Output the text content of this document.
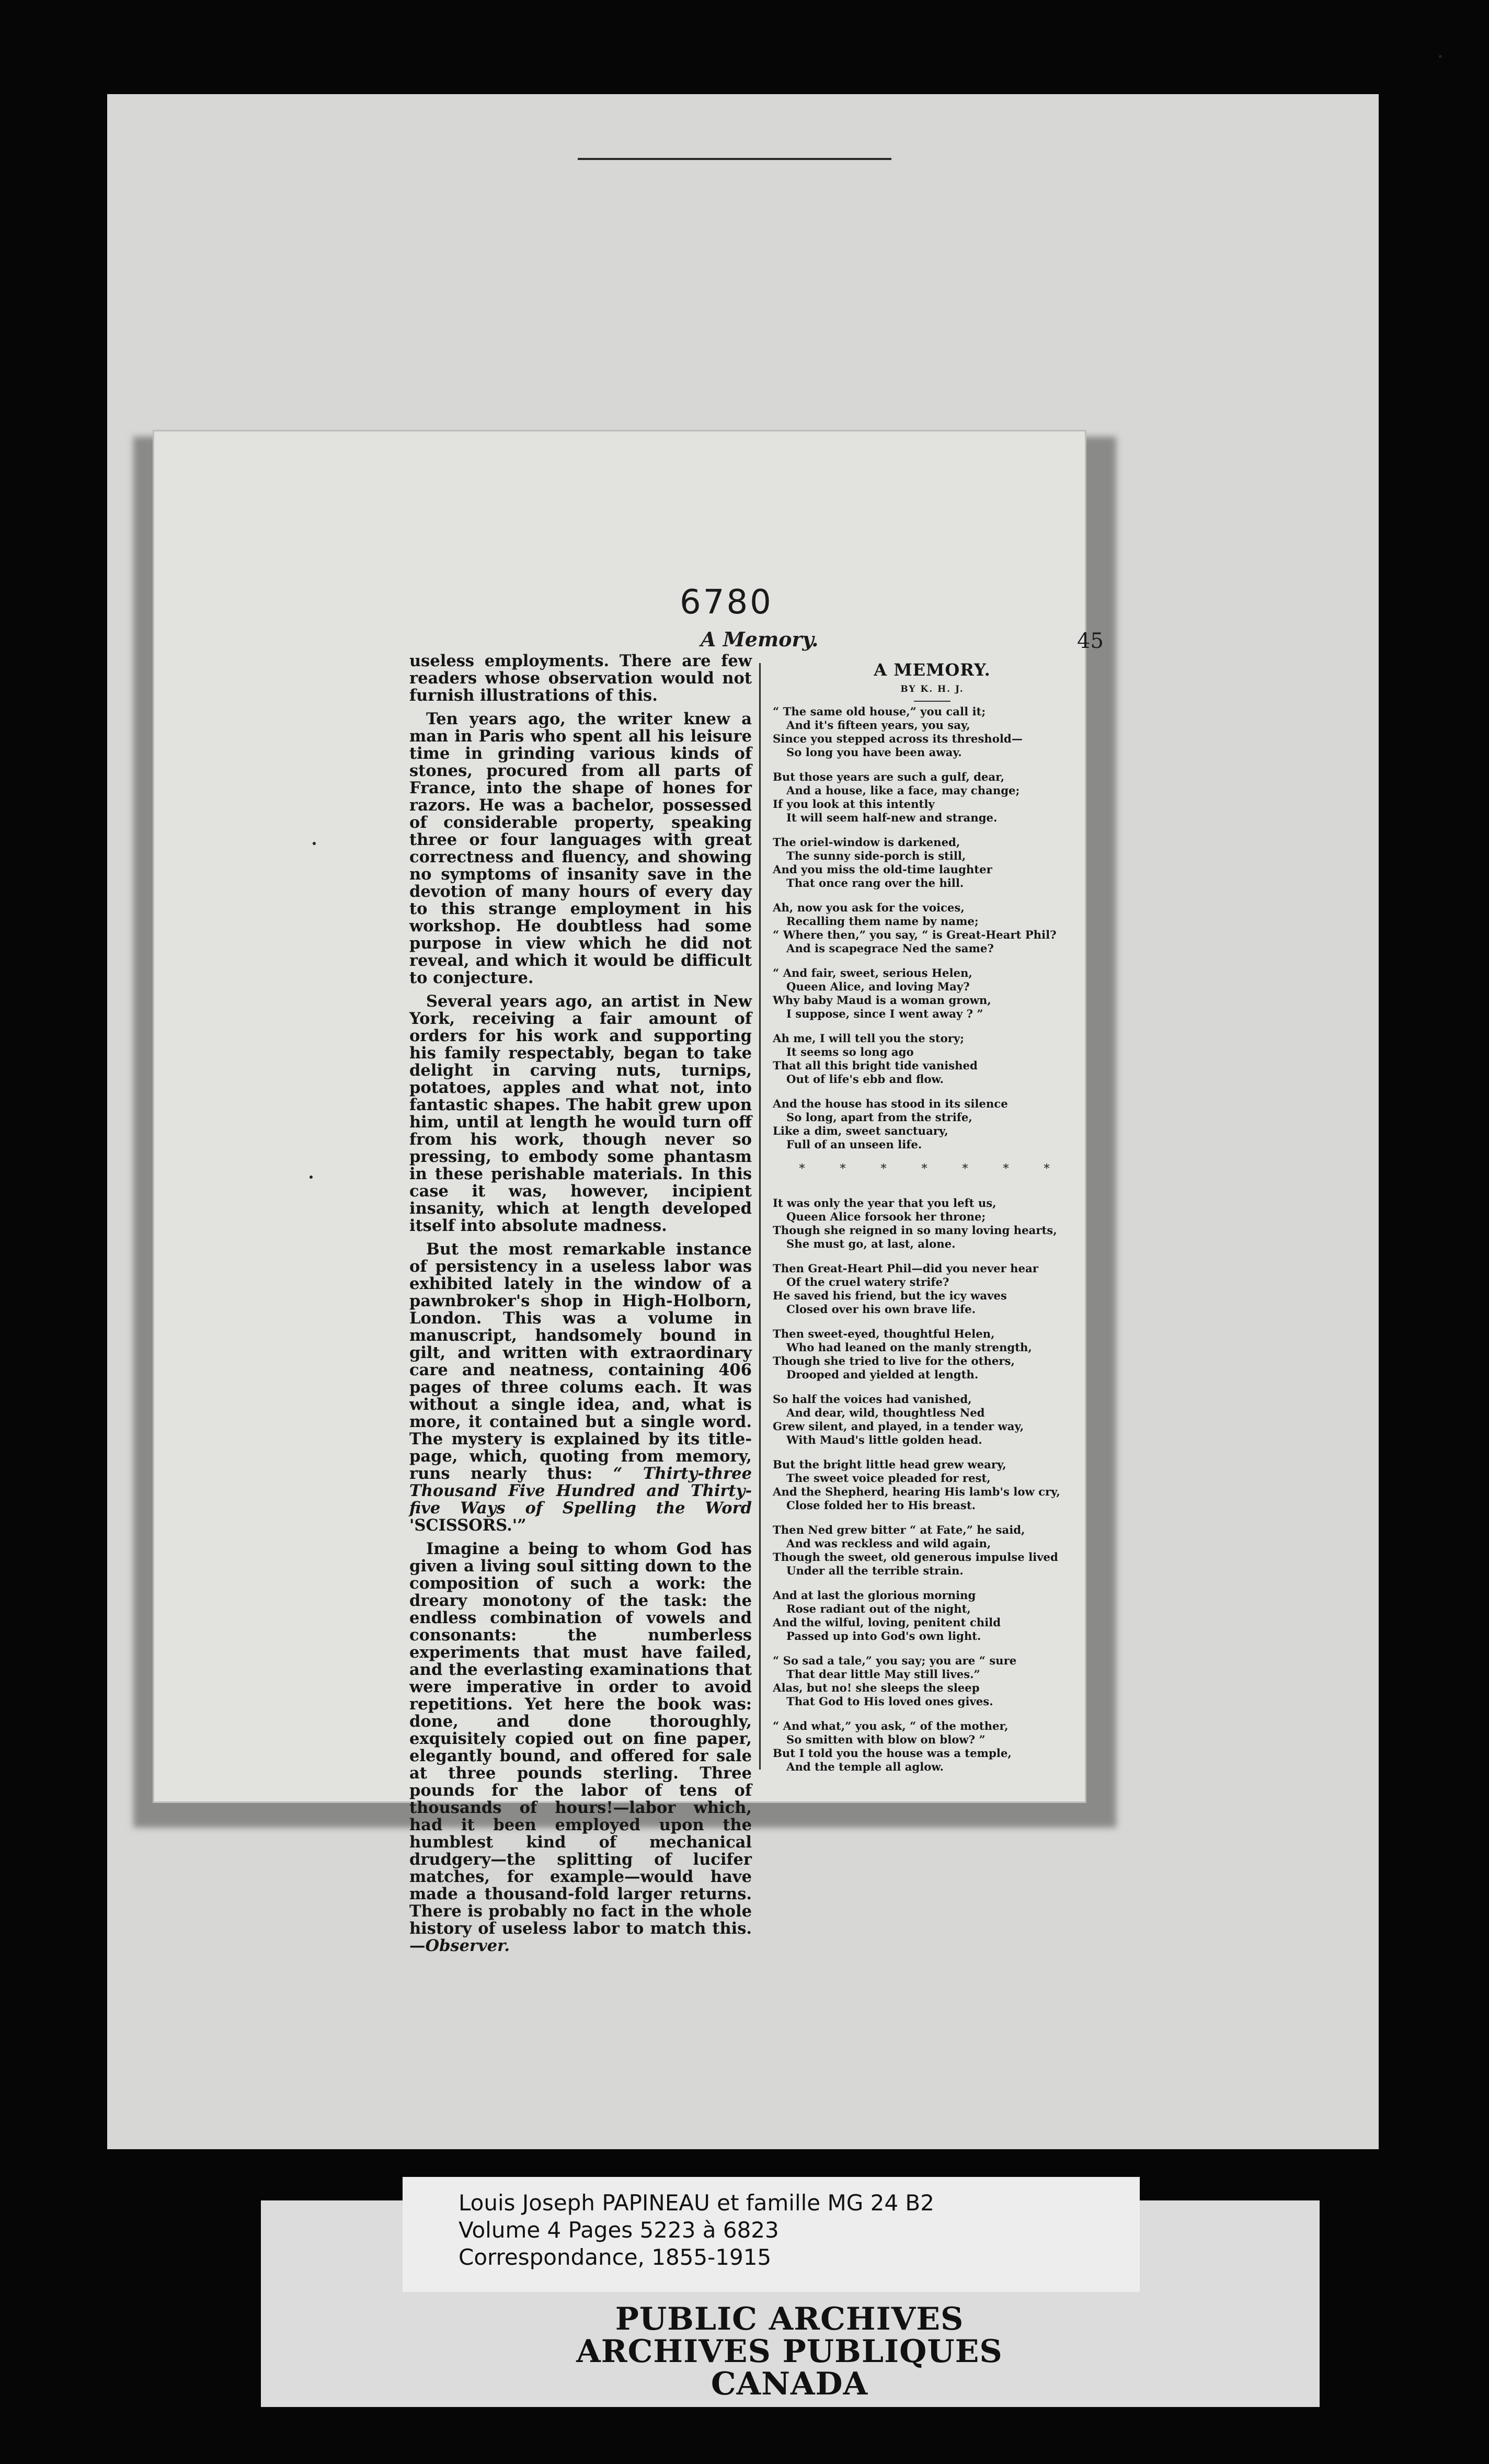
6780
A Memory.	45

useless employments. There are few readers whose observation would not furnish illustrations of this.

Ten years ago, the writer knew a man in Paris who spent all his leisure time in grinding various kinds of stones, procured from all parts of France, into the shape of hones for razors. He was a bachelor, possessed of considerable property, speaking three or four languages with great correctness and fluency, and showing no symptoms of insanity save in the devotion of many hours of every day to this strange employment in his workshop. He doubtless had some purpose in view which he did not reveal, and which it would be difficult to conjecture.

Several years ago, an artist in New York, receiving a fair amount of orders for his work and supporting his family respectably, began to take delight in carving nuts, turnips, potatoes, apples and what not, into fantastic shapes. The habit grew upon him, until at length he would turn off from his work, though never so pressing, to embody some phantasm in these perishable materials. In this case it was, however, incipient insanity, which at length developed itself into absolute madness.

But the most remarkable instance of persistency in a useless labor was exhibited lately in the window of a pawnbroker's shop in High-Holborn, London. This was a volume in manuscript, handsomely bound in gilt, and written with extraordinary care and neatness, containing 406 pages of three colums each. It was without a single idea, and, what is more, it contained but a single word. The mystery is explained by its title-page, which, quoting from memory, runs nearly thus: “ Thirty-three Thousand Five Hundred and Thirty-five Ways of Spelling the Word 'SCISSORS.'”

Imagine a being to whom God has given a living soul sitting down to the composition of such a work: the dreary monotony of the task: the endless combination of vowels and consonants: the numberless experiments that must have failed, and the everlasting examinations that were imperative in order to avoid repetitions. Yet here the book was: done, and done thoroughly, exquisitely copied out on fine paper, elegantly bound, and offered for sale at three pounds sterling. Three pounds for the labor of tens of thousands of hours!—labor which, had it been employed upon the humblest kind of mechanical drudgery—the splitting of lucifer matches, for example—would have made a thousand-fold larger returns. There is probably no fact in the whole history of useless labor to match this.—Observer.

A MEMORY.
BY K. H. J.
“ The same old house,” you call it;
And it's fifteen years, you say,
Since you stepped across its threshold—
So long you have been away.
But those years are such a gulf, dear,
And a house, like a face, may change;
If you look at this intently
It will seem half-new and strange.
The oriel-window is darkened,
The sunny side-porch is still,
And you miss the old-time laughter
That once rang over the hill.
Ah, now you ask for the voices,
Recalling them name by name;
“ Where then,” you say, “ is Great-Heart Phil?
And is scapegrace Ned the same?
“ And fair, sweet, serious Helen,
Queen Alice, and loving May?
Why baby Maud is a woman grown,
I suppose, since I went away ? ”
Ah me, I will tell you the story;
It seems so long ago
That all this bright tide vanished
Out of life's ebb and flow.
And the house has stood in its silence
So long, apart from the strife,
Like a dim, sweet sanctuary,
Full of an unseen life.
* * * * * * *
It was only the year that you left us,
Queen Alice forsook her throne;
Though she reigned in so many loving hearts,
She must go, at last, alone.
Then Great-Heart Phil—did you never hear
Of the cruel watery strife?
He saved his friend, but the icy waves
Closed over his own brave life.
Then sweet-eyed, thoughtful Helen,
Who had leaned on the manly strength,
Though she tried to live for the others,
Drooped and yielded at length.
So half the voices had vanished,
And dear, wild, thoughtless Ned
Grew silent, and played, in a tender way,
With Maud's little golden head.
But the bright little head grew weary,
The sweet voice pleaded for rest,
And the Shepherd, hearing His lamb's low cry,
Close folded her to His breast.
Then Ned grew bitter “ at Fate,” he said,
And was reckless and wild again,
Though the sweet, old generous impulse lived
Under all the terrible strain.
And at last the glorious morning
Rose radiant out of the night,
And the wilful, loving, penitent child
Passed up into God's own light.
“ So sad a tale,” you say; you are “ sure
That dear little May still lives.”
Alas, but no! she sleeps the sleep
That God to His loved ones gives.
“ And what,” you ask, “ of the mother,
So smitten with blow on blow? ”
But I told you the house was a temple,
And the temple all aglow.
Louis Joseph PAPINEAU et famille MG 24 B2
Volume 4 Pages 5223 à 6823
Correspondance, 1855-1915
PUBLIC ARCHIVES
ARCHIVES PUBLIQUES
CANADA
